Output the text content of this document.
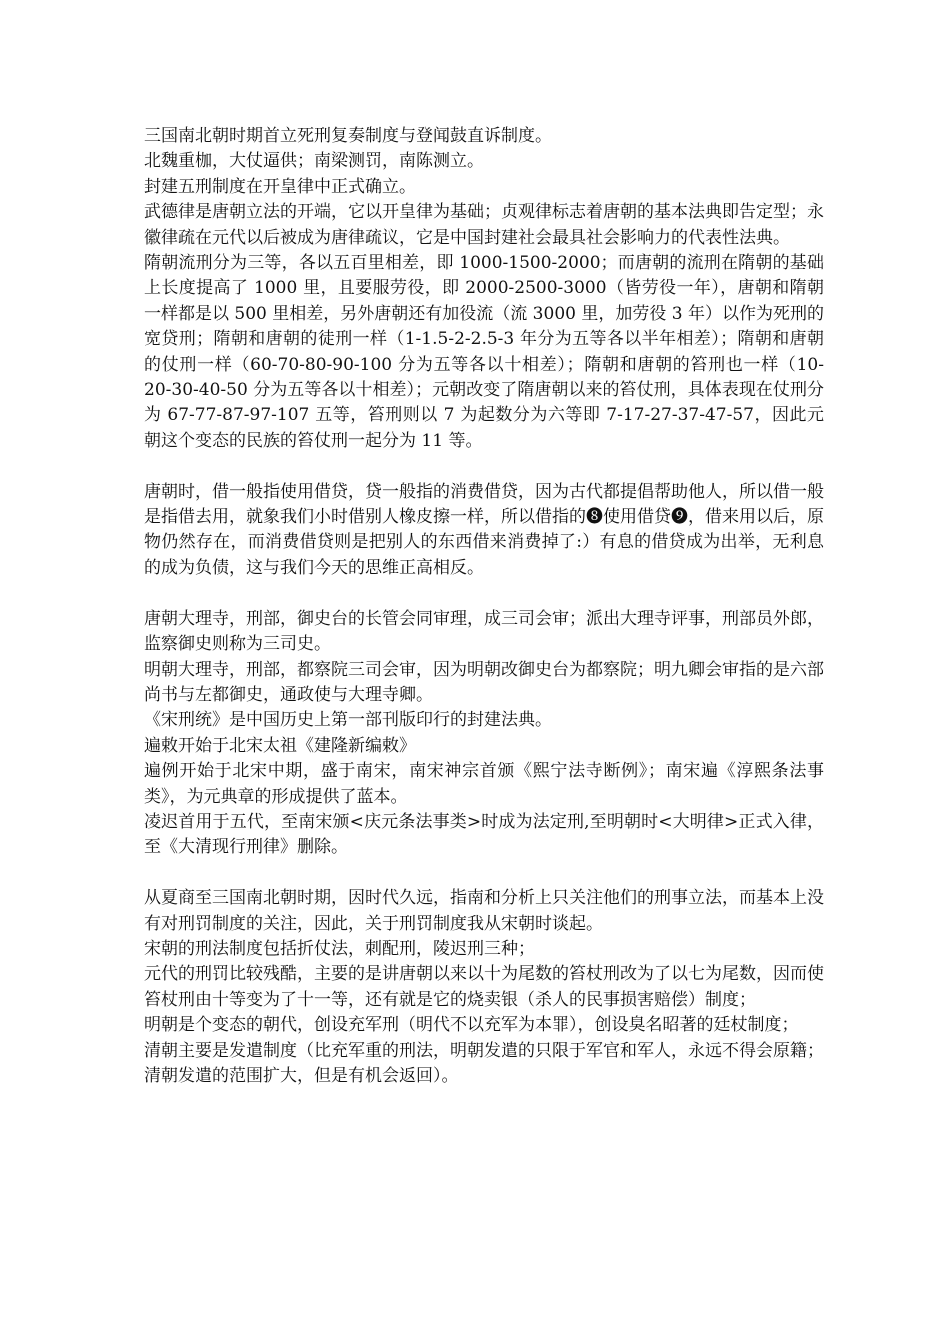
三国南北朝时期首立死刑复奏制度与登闻鼓直诉制度。

北魏重枷，大仗逼供；南梁测罚，南陈测立。

封建五刑制度在开皇律中正式确立。

武德律是唐朝立法的开端，它以开皇律为基础；贞观律标志着唐朝的基本法典即告定型；永徽律疏在元代以后被成为唐律疏议，它是中国封建社会最具社会影响力的代表性法典。

隋朝流刑分为三等，各以五百里相差，即 1000-1500-2000；而唐朝的流刑在隋朝的基础上长度提高了 1000 里，且要服劳役，即 2000-2500-3000（皆劳役一年），唐朝和隋朝一样都是以 500 里相差，另外唐朝还有加役流（流 3000 里，加劳役 3 年）以作为死刑的宽贷刑；隋朝和唐朝的徒刑一样（1-1.5-2-2.5-3 年分为五等各以半年相差）；隋朝和唐朝的仗刑一样（60-70-80-90-100 分为五等各以十相差）；隋朝和唐朝的笞刑也一样（10-20-30-40-50 分为五等各以十相差）；元朝改变了隋唐朝以来的笞仗刑，具体表现在仗刑分为 67-77-87-97-107 五等，笞刑则以 7 为起数分为六等即 7-17-27-37-47-57，因此元朝这个变态的民族的笞仗刑一起分为 11 等。

唐朝时，借一般指使用借贷，贷一般指的消费借贷，因为古代都提倡帮助他人，所以借一般是指借去用，就象我们小时借别人橡皮擦一样，所以借指的❽使用借贷❾，借来用以后，原物仍然存在，而消费借贷则是把别人的东西借来消费掉了:）有息的借贷成为出举，无利息的成为负债，这与我们今天的思维正高相反。

唐朝大理寺，刑部，御史台的长管会同审理，成三司会审；派出大理寺评事，刑部员外郎，监察御史则称为三司史。

明朝大理寺，刑部，都察院三司会审，因为明朝改御史台为都察院；明九卿会审指的是六部尚书与左都御史，通政使与大理寺卿。

《宋刑统》是中国历史上第一部刊版印行的封建法典。

遍敕开始于北宋太祖《建隆新编敕》

遍例开始于北宋中期，盛于南宋，南宋神宗首颁《熙宁法寺断例》；南宋遍《淳熙条法事类》，为元典章的形成提供了蓝本。

凌迟首用于五代，至南宋颁<庆元条法事类>时成为法定刑,至明朝时<大明律>正式入律，至《大清现行刑律》删除。

从夏商至三国南北朝时期，因时代久远，指南和分析上只关注他们的刑事立法，而基本上没有对刑罚制度的关注，因此，关于刑罚制度我从宋朝时谈起。

宋朝的刑法制度包括折仗法，刺配刑，陵迟刑三种；

元代的刑罚比较残酷，主要的是讲唐朝以来以十为尾数的笞杖刑改为了以七为尾数，因而使笞杖刑由十等变为了十一等，还有就是它的烧卖银（杀人的民事损害赔偿）制度；

明朝是个变态的朝代，创设充军刑（明代不以充军为本罪），创设臭名昭著的廷杖制度；

清朝主要是发遣制度（比充军重的刑法，明朝发遣的只限于军官和军人，永远不得会原籍；清朝发遣的范围扩大，但是有机会返回）。
